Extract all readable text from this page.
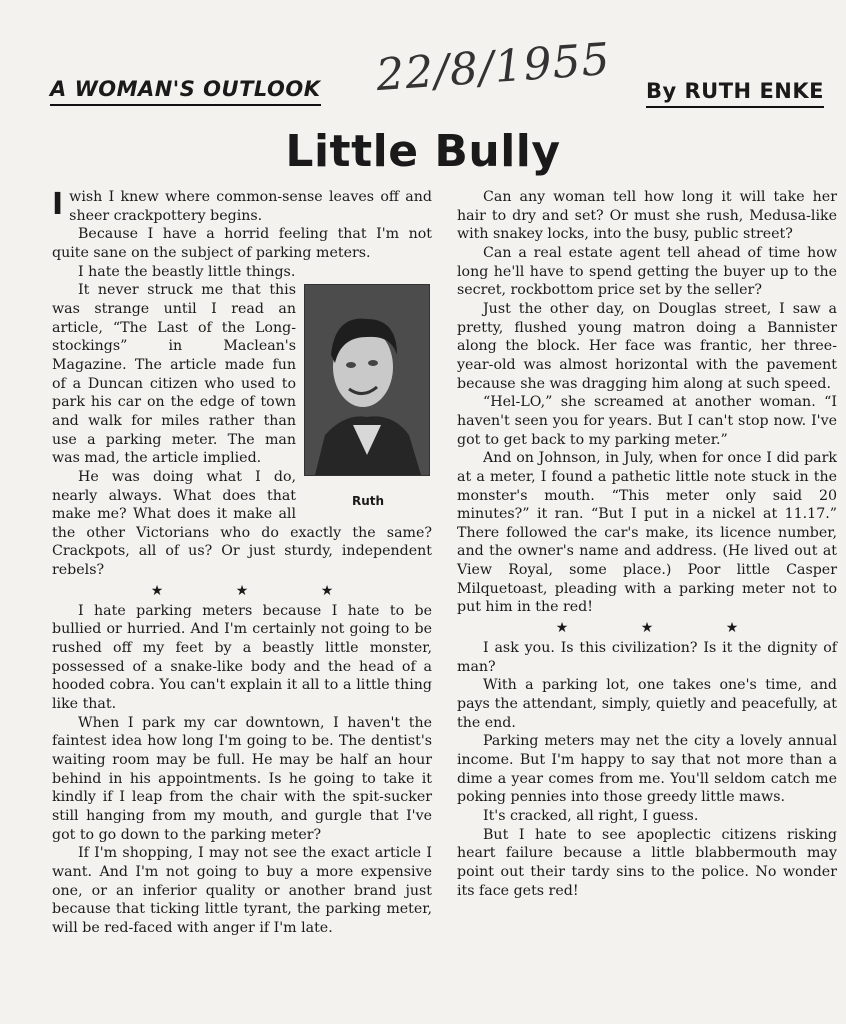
A WOMAN'S OUTLOOK 22/8/1955 By RUTH ENKE
Little Bully

Iwish I knew where common-sense leaves off and sheer crackpottery begins.

Because I have a horrid feeling that I'm not quite sane on the subject of parking meters.

I hate the beastly little things.

Ruth

It never struck me that this was strange until I read an article, “The Last of the Long-stockings” in Maclean's Magazine. The article made fun of a Duncan citizen who used to park his car on the edge of town and walk for miles rather than use a parking meter. The man was mad, the article implied.

He was doing what I do, nearly always. What does that make me? What does it make all the other Victorians who do exactly the same? Crackpots, all of us? Or just sturdy, independent rebels?

★ ★ ★

I hate parking meters because I hate to be bullied or hurried. And I'm certainly not going to be rushed off my feet by a beastly little monster, possessed of a snake-like body and the head of a hooded cobra. You can't explain it all to a little thing like that.

When I park my car downtown, I haven't the faintest idea how long I'm going to be. The dentist's waiting room may be full. He may be half an hour behind in his appointments. Is he going to take it kindly if I leap from the chair with the spit-sucker still hanging from my mouth, and gurgle that I've got to go down to the parking meter?

If I'm shopping, I may not see the exact article I want. And I'm not going to buy a more expensive one, or an inferior quality or another brand just because that ticking little tyrant, the parking meter, will be red-faced with anger if I'm late.

Can any woman tell how long it will take her hair to dry and set? Or must she rush, Medusa-like with snakey locks, into the busy, public street?

Can a real estate agent tell ahead of time how long he'll have to spend getting the buyer up to the secret, rockbottom price set by the seller?

Just the other day, on Douglas street, I saw a pretty, flushed young matron doing a Bannister along the block. Her face was frantic, her three-year-old was almost horizontal with the pavement because she was dragging him along at such speed.

“Hel-LO,” she screamed at another woman. “I haven't seen you for years. But I can't stop now. I've got to get back to my parking meter.”

And on Johnson, in July, when for once I did park at a meter, I found a pathetic little note stuck in the monster's mouth. “This meter only said 20 minutes?” it ran. “But I put in a nickel at 11.17.” There followed the car's make, its licence number, and the owner's name and address. (He lived out at View Royal, some place.) Poor little Casper Milquetoast, pleading with a parking meter not to put him in the red!

★ ★ ★

I ask you. Is this civilization? Is it the dignity of man?

With a parking lot, one takes one's time, and pays the attendant, simply, quietly and peacefully, at the end.

Parking meters may net the city a lovely annual income. But I'm happy to say that not more than a dime a year comes from me. You'll seldom catch me poking pennies into those greedy little maws.

It's cracked, all right, I guess.

But I hate to see apoplectic citizens risking heart failure because a little blabbermouth may point out their tardy sins to the police. No wonder its face gets red!
